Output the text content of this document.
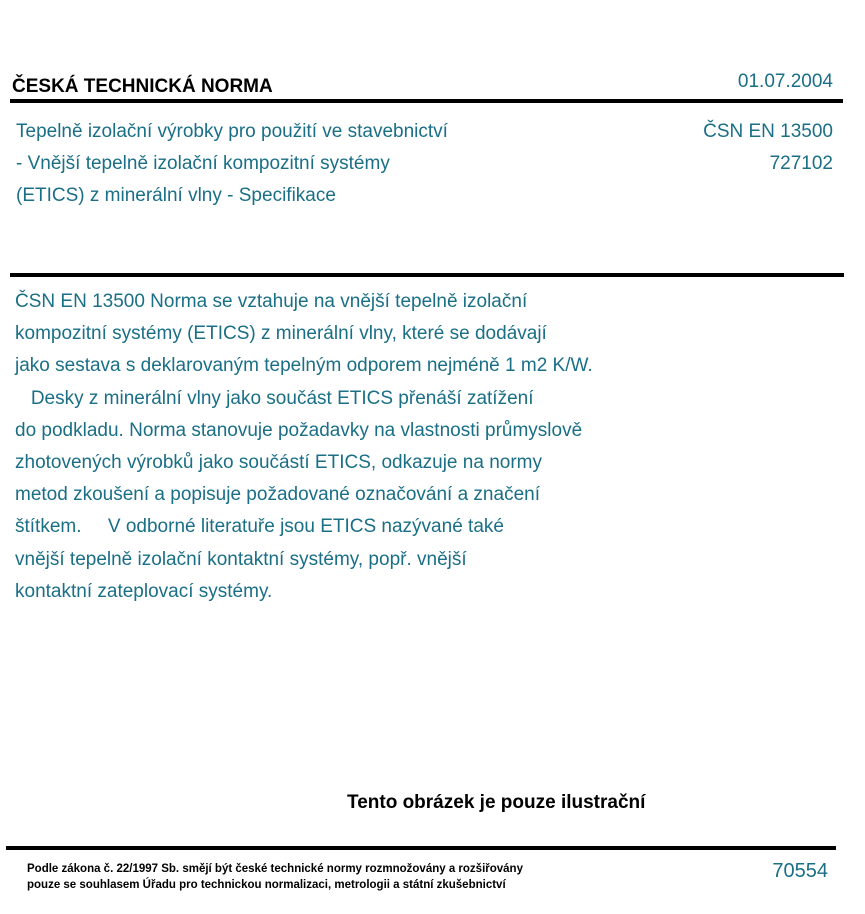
ČESKÁ TECHNICKÁ NORMA	01.07.2004
Tepelně izolační výrobky pro použití ve stavebnictví
- Vnější tepelně izolační kompozitní systémy
(ETICS) z minerální vlny - Specifikace
ČSN EN 13500
727102
ČSN EN 13500 Norma se vztahuje na vnější tepelně izolační
kompozitní systémy (ETICS) z minerální vlny, které se dodávají
jako sestava s deklarovaným tepelným odporem nejméně 1 m2 K/W.
Desky z minerální vlny jako součást ETICS přenáší zatížení
do podkladu. Norma stanovuje požadavky na vlastnosti průmyslově
zhotovených výrobků jako součástí ETICS, odkazuje na normy
metod zkoušení a popisuje požadované označování a značení
štítkem.     V odborné literatuře jsou ETICS nazývané také
vnější tepelně izolační kontaktní systémy, popř. vnější
kontaktní zateplovací systémy.
Tento obrázek je pouze ilustrační
Podle zákona č. 22/1997 Sb. smějí být české technické normy rozmnožovány a rozšiřovány
pouze se souhlasem Úřadu pro technickou normalizaci, metrologii a státní zkušebnictví
70554
